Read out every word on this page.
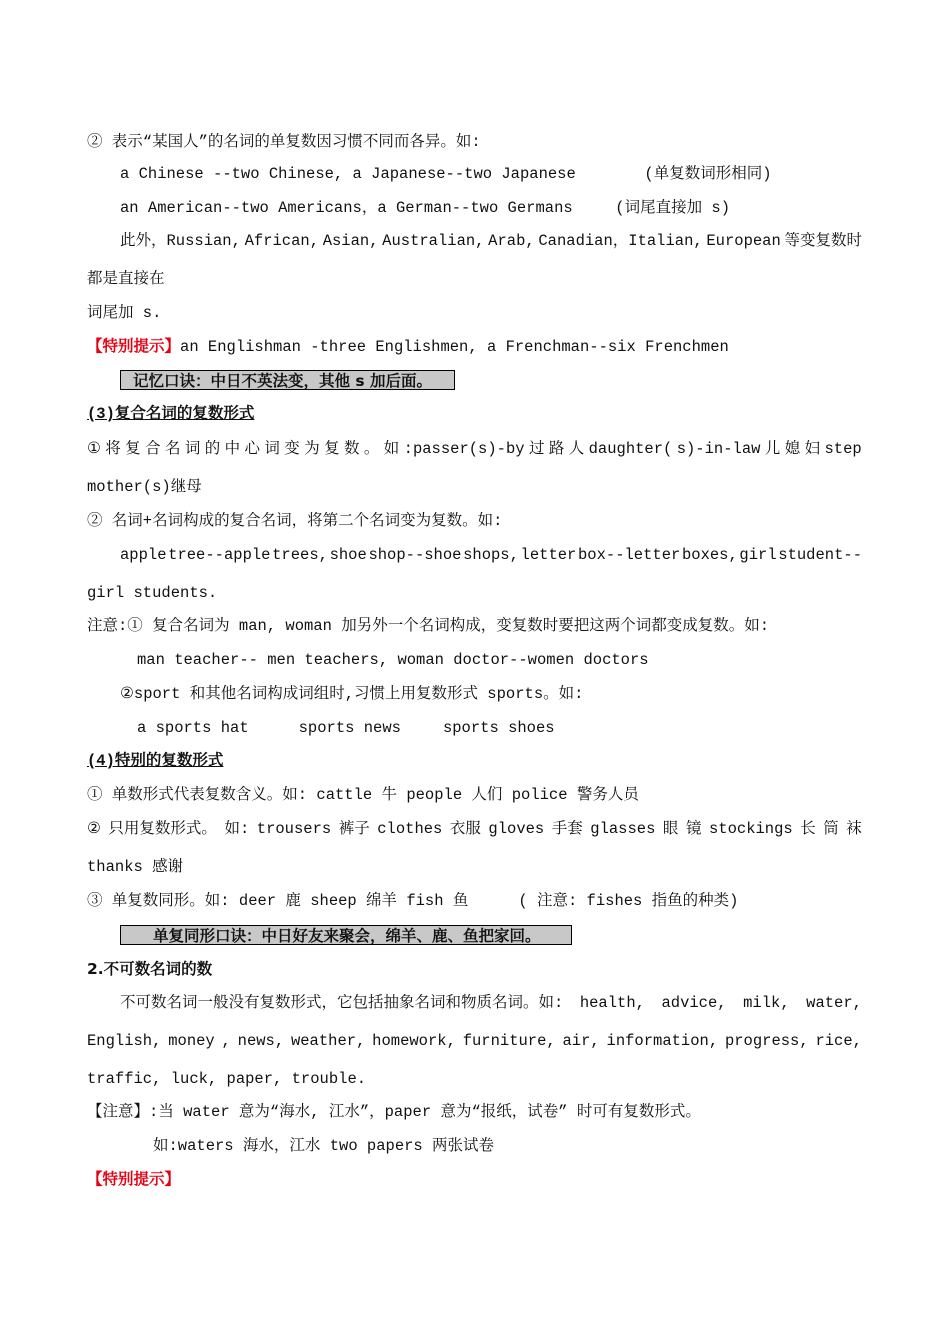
② 表示“某国人”的名词的单复数因习惯不同而各异。如:
a Chinese --two Chinese, a Japanese--two Japanese	(单复数词形相同)
an American--two Americans，a German--two Germans	(词尾直接加 s)
此外，Russian, African, Asian, Australian, Arab, Canadian，Italian, European 等变复数时
都是直接在
词尾加 s.
【特别提示】an Englishman -three Englishmen, a Frenchman--six Frenchmen
记忆口诀：中日不英法变，其他 s 加后面。
(3)复合名词的复数形式
① 将 复 合 名 词 的 中 心 词 变 为 复 数 。 如 :passer(s)-by 过 路 人 daughter( s)-in-law 儿 媳 妇 step
mother(s)继母
② 名词+名词构成的复合名词，将第二个名词变为复数。如:
apple tree--apple trees, shoe shop--shoe shops, letter box--letter boxes, girl student--
girl students.
注意:① 复合名词为 man, woman 加另外一个名词构成，变复数时要把这两个词都变成复数。如:
man teacher-- men teachers, woman doctor--women doctors
②sport 和其他名词构成词组时,习惯上用复数形式 sports。如:
a sports hat	sports news	sports shoes
(4)特别的复数形式
① 单数形式代表复数含义。如: cattle 牛 people 人们 police 警务人员
② 只用复数形式。 如: trousers 裤子 clothes 衣服 gloves 手套 glasses 眼 镜 stockings 长 筒 袜
thanks 感谢
③ 单复数同形。如: deer 鹿 sheep 绵羊 fish 鱼	( 注意: fishes 指鱼的种类)
单复同形口诀：中日好友来聚会，绵羊、鹿、鱼把家回。
2.不可数名词的数
不可数名词一般没有复数形式，它包括抽象名词和物质名词。如: health, advice, milk, water,
English, money , news, weather, homework, furniture, air, information, progress, rice,
traffic, luck, paper, trouble.
【注意】:当 water 意为“海水, 江水”，paper 意为“报纸，试卷” 时可有复数形式。
如:waters 海水，江水 two papers 两张试卷
【特别提示】
